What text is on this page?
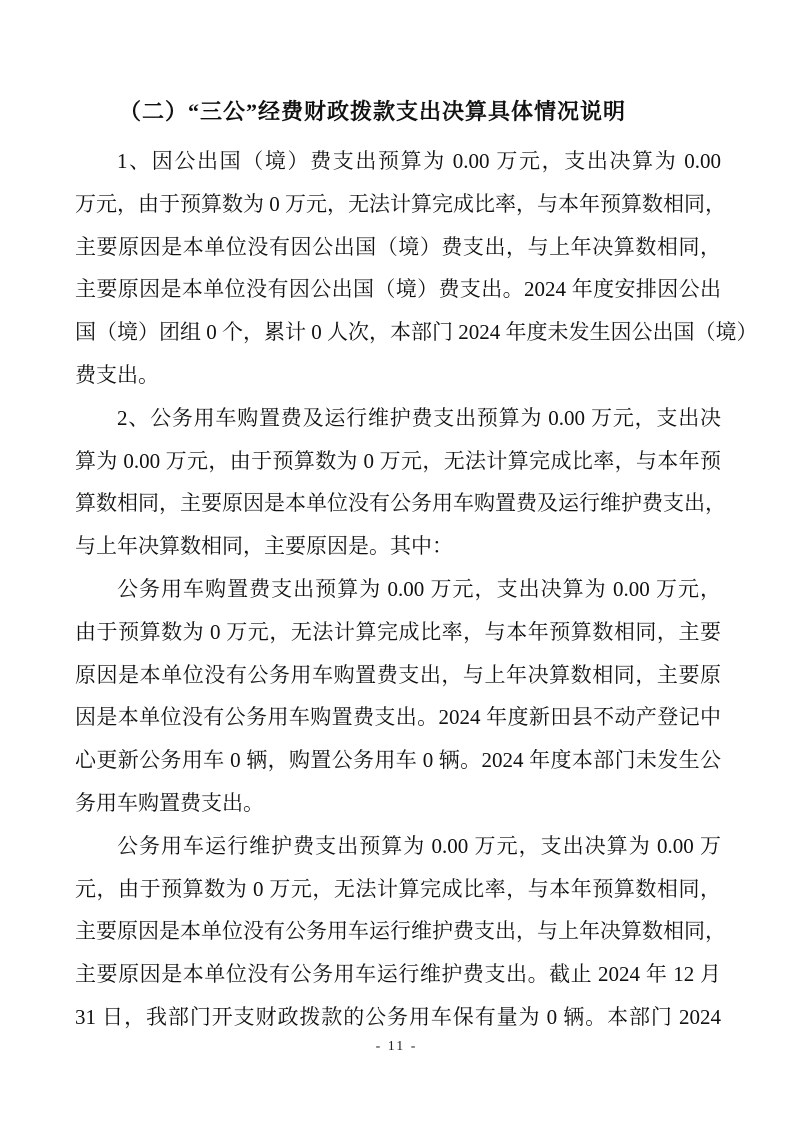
（二）“三公”经费财政拨款支出决算具体情况说明
1、因公出国（境）费支出预算为 0.00 万元，支出决算为 0.00
万元，由于预算数为 0 万元，无法计算完成比率，与本年预算数相同，
主要原因是本单位没有因公出国（境）费支出，与上年决算数相同，
主要原因是本单位没有因公出国（境）费支出。2024 年度安排因公出
国（境）团组 0 个，累计 0 人次，本部门 2024 年度未发生因公出国（境）
费支出。
2、公务用车购置费及运行维护费支出预算为 0.00 万元，支出决
算为 0.00 万元，由于预算数为 0 万元，无法计算完成比率，与本年预
算数相同，主要原因是本单位没有公务用车购置费及运行维护费支出，
与上年决算数相同，主要原因是。其中：
公务用车购置费支出预算为 0.00 万元，支出决算为 0.00 万元，
由于预算数为 0 万元，无法计算完成比率，与本年预算数相同，主要
原因是本单位没有公务用车购置费支出，与上年决算数相同，主要原
因是本单位没有公务用车购置费支出。2024 年度新田县不动产登记中
心更新公务用车 0 辆，购置公务用车 0 辆。2024 年度本部门未发生公
务用车购置费支出。
公务用车运行维护费支出预算为 0.00 万元，支出决算为 0.00 万
元，由于预算数为 0 万元，无法计算完成比率，与本年预算数相同，
主要原因是本单位没有公务用车运行维护费支出，与上年决算数相同，
主要原因是本单位没有公务用车运行维护费支出。截止 2024 年 12 月
31 日，我部门开支财政拨款的公务用车保有量为 0 辆。本部门 2024
- 11 -
